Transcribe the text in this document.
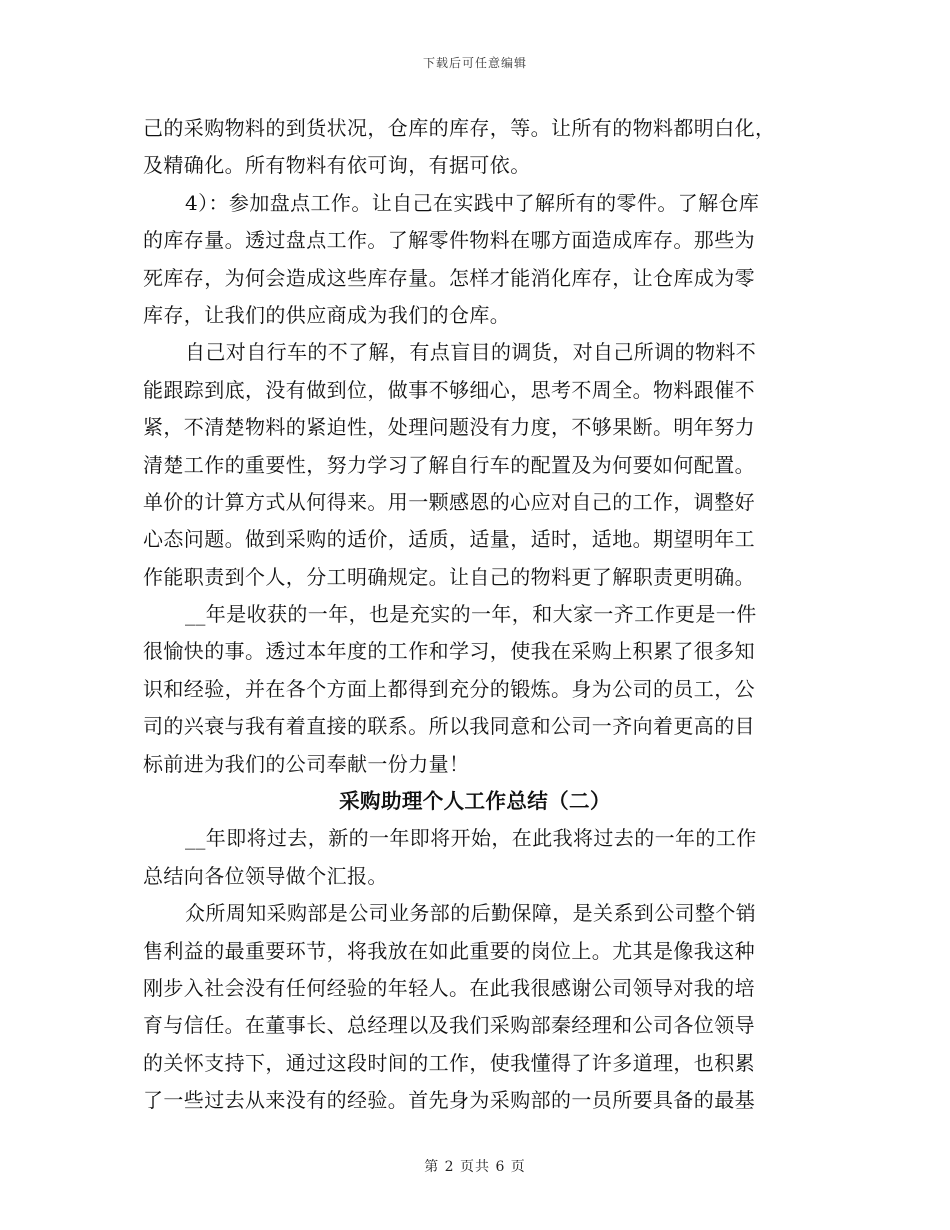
下载后可任意编辑
己的采购物料的到货状况，仓库的库存，等。让所有的物料都明白化，
及精确化。所有物料有依可询，有据可依。
4）：参加盘点工作。让自己在实践中了解所有的零件。了解仓库
的库存量。透过盘点工作。了解零件物料在哪方面造成库存。那些为
死库存，为何会造成这些库存量。怎样才能消化库存，让仓库成为零
库存，让我们的供应商成为我们的仓库。
自己对自行车的不了解，有点盲目的调货，对自己所调的物料不
能跟踪到底，没有做到位，做事不够细心，思考不周全。物料跟催不
紧，不清楚物料的紧迫性，处理问题没有力度，不够果断。明年努力
清楚工作的重要性，努力学习了解自行车的配置及为何要如何配置。
单价的计算方式从何得来。用一颗感恩的心应对自己的工作，调整好
心态问题。做到采购的适价，适质，适量，适时，适地。期望明年工
作能职责到个人，分工明确规定。让自己的物料更了解职责更明确。
__年是收获的一年，也是充实的一年，和大家一齐工作更是一件
很愉快的事。透过本年度的工作和学习，使我在采购上积累了很多知
识和经验，并在各个方面上都得到充分的锻炼。身为公司的员工，公
司的兴衰与我有着直接的联系。所以我同意和公司一齐向着更高的目
标前进为我们的公司奉献一份力量！
采购助理个人工作总结（二）
__年即将过去，新的一年即将开始，在此我将过去的一年的工作
总结向各位领导做个汇报。
众所周知采购部是公司业务部的后勤保障，是关系到公司整个销
售利益的最重要环节，将我放在如此重要的岗位上。尤其是像我这种
刚步入社会没有任何经验的年轻人。在此我很感谢公司领导对我的培
育与信任。在董事长、总经理以及我们采购部秦经理和公司各位领导
的关怀支持下，通过这段时间的工作，使我懂得了许多道理，也积累
了一些过去从来没有的经验。首先身为采购部的一员所要具备的最基
第 2 页共 6 页
